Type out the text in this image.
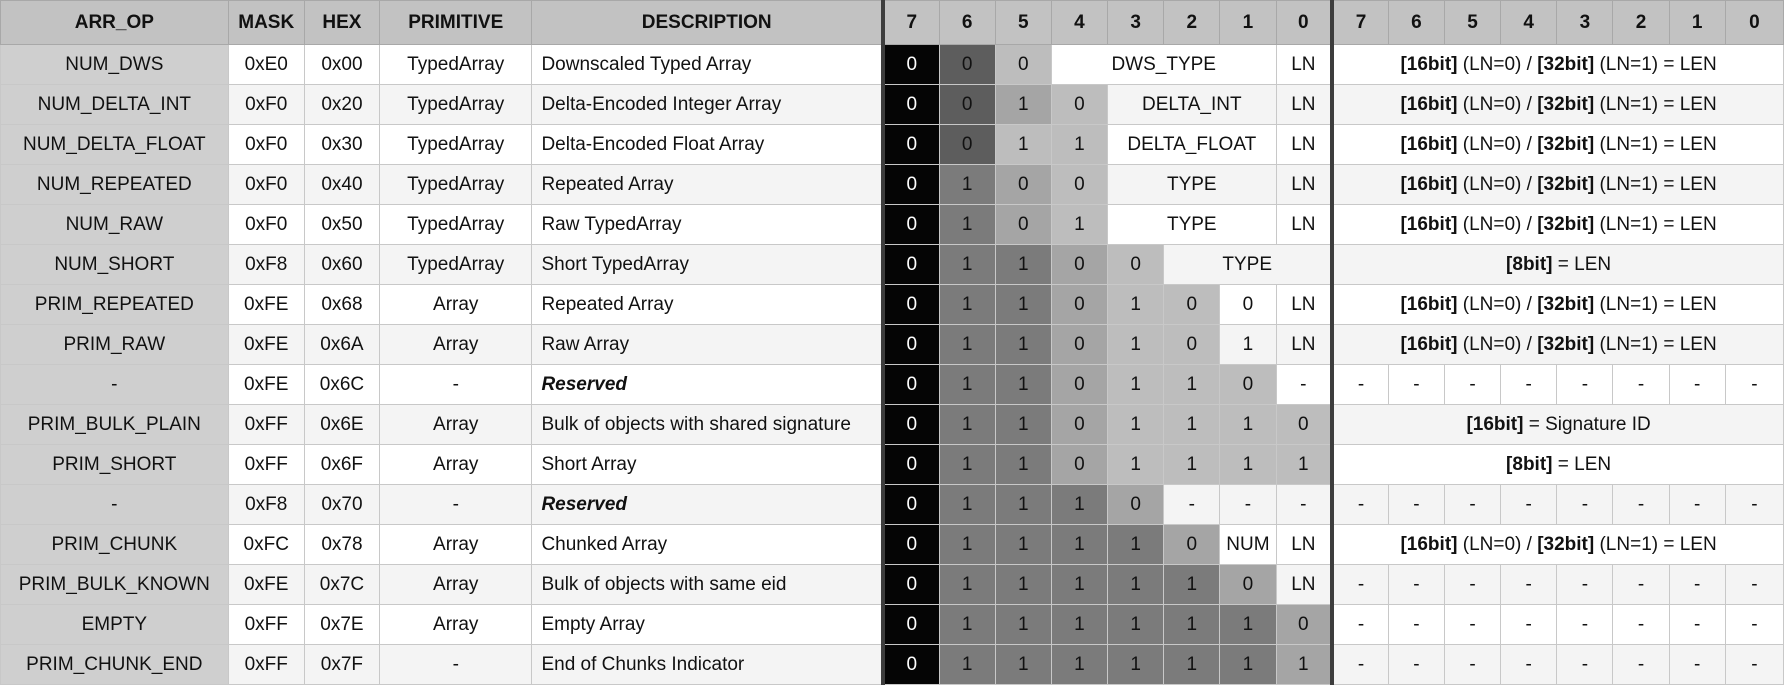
ARR_OP	MASK	HEX	PRIMITIVE	DESCRIPTION	7	6	5	4	3	2	1	0	7	6	5	4	3	2	1	0
NUM_DWS	0xE0	0x00	TypedArray	Downscaled Typed Array	0	0	0	DWS_TYPE				LN	[16bit] (LN=0) / [32bit] (LN=1) = LEN							
NUM_DELTA_INT	0xF0	0x20	TypedArray	Delta-Encoded Integer Array	0	0	1	0	DELTA_INT			LN	[16bit] (LN=0) / [32bit] (LN=1) = LEN							
NUM_DELTA_FLOAT	0xF0	0x30	TypedArray	Delta-Encoded Float Array	0	0	1	1	DELTA_FLOAT			LN	[16bit] (LN=0) / [32bit] (LN=1) = LEN							
NUM_REPEATED	0xF0	0x40	TypedArray	Repeated Array	0	1	0	0	TYPE			LN	[16bit] (LN=0) / [32bit] (LN=1) = LEN							
NUM_RAW	0xF0	0x50	TypedArray	Raw TypedArray	0	1	0	1	TYPE			LN	[16bit] (LN=0) / [32bit] (LN=1) = LEN							
NUM_SHORT	0xF8	0x60	TypedArray	Short TypedArray	0	1	1	0	0	TYPE			[8bit] = LEN							
PRIM_REPEATED	0xFE	0x68	Array	Repeated Array	0	1	1	0	1	0	0	LN	[16bit] (LN=0) / [32bit] (LN=1) = LEN							
PRIM_RAW	0xFE	0x6A	Array	Raw Array	0	1	1	0	1	0	1	LN	[16bit] (LN=0) / [32bit] (LN=1) = LEN							
-	0xFE	0x6C	-	Reserved	0	1	1	0	1	1	0	-	-	-	-	-	-	-	-	-
PRIM_BULK_PLAIN	0xFF	0x6E	Array	Bulk of objects with shared signature	0	1	1	0	1	1	1	0	[16bit] = Signature ID							
PRIM_SHORT	0xFF	0x6F	Array	Short Array	0	1	1	0	1	1	1	1	[8bit] = LEN							
-	0xF8	0x70	-	Reserved	0	1	1	1	0	-	-	-	-	-	-	-	-	-	-	-
PRIM_CHUNK	0xFC	0x78	Array	Chunked Array	0	1	1	1	1	0	NUM	LN	[16bit] (LN=0) / [32bit] (LN=1) = LEN							
PRIM_BULK_KNOWN	0xFE	0x7C	Array	Bulk of objects with same eid	0	1	1	1	1	1	0	LN	-	-	-	-	-	-	-	-
EMPTY	0xFF	0x7E	Array	Empty Array	0	1	1	1	1	1	1	0	-	-	-	-	-	-	-	-
PRIM_CHUNK_END	0xFF	0x7F	-	End of Chunks Indicator	0	1	1	1	1	1	1	1	-	-	-	-	-	-	-	-
